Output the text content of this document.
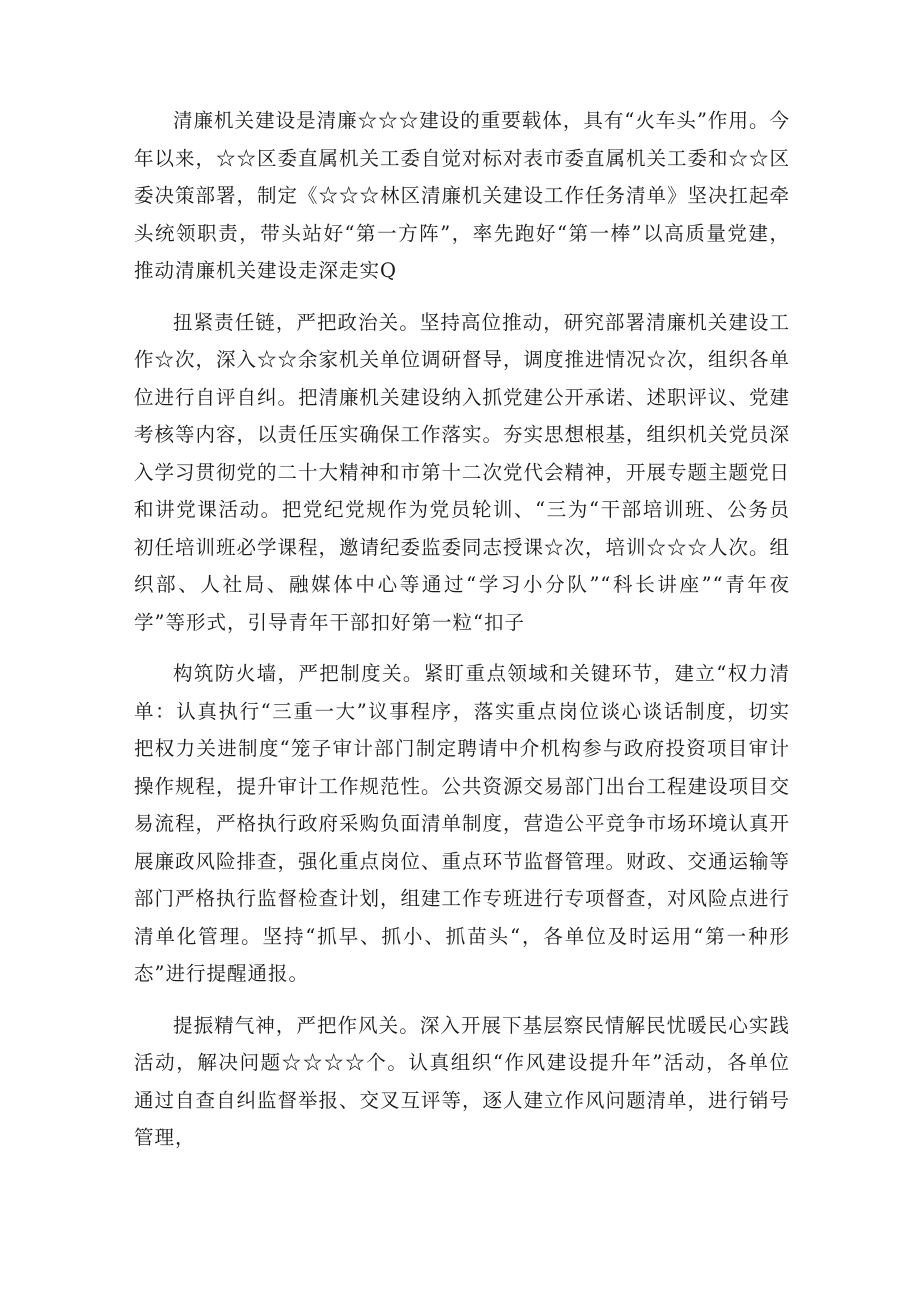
清廉机关建设是清廉☆☆☆建设的重要载体，具有“火车头”作用。今年以来，☆☆区委直属机关工委自觉对标对表市委直属机关工委和☆☆区委决策部署，制定《☆☆☆林区清廉机关建设工作任务清单》坚决扛起牵头统领职责，带头站好“第一方阵”，率先跑好“第一棒”以高质量党建，推动清廉机关建设走深走实Q

扭紧责任链，严把政治关。坚持高位推动，研究部署清廉机关建设工作☆次，深入☆☆余家机关单位调研督导，调度推进情况☆次，组织各单位进行自评自纠。把清廉机关建设纳入抓党建公开承诺、述职评议、党建考核等内容，以责任压实确保工作落实。夯实思想根基，组织机关党员深入学习贯彻党的二十大精神和市第十二次党代会精神，开展专题主题党日和讲党课活动。把党纪党规作为党员轮训、“三为“干部培训班、公务员初任培训班必学课程，邀请纪委监委同志授课☆次，培训☆☆☆人次。组织部、人社局、融媒体中心等通过“学习小分队”“科长讲座”“青年夜学”等形式，引导青年干部扣好第一粒“扣子

构筑防火墙，严把制度关。紧盯重点领域和关键环节，建立“权力清单：认真执行“三重一大”议事程序，落实重点岗位谈心谈话制度，切实把权力关进制度“笼子审计部门制定聘请中介机构参与政府投资项目审计操作规程，提升审计工作规范性。公共资源交易部门出台工程建设项目交易流程，严格执行政府采购负面清单制度，营造公平竞争市场环境认真开展廉政风险排查，强化重点岗位、重点环节监督管理。财政、交通运输等部门严格执行监督检查计划，组建工作专班进行专项督查，对风险点进行清单化管理。坚持“抓早、抓小、抓苗头“，各单位及时运用“第一种形态”进行提醒通报。

提振精气神，严把作风关。深入开展下基层察民情解民忧暖民心实践活动，解决问题☆☆☆☆个。认真组织“作风建设提升年”活动，各单位通过自查自纠监督举报、交叉互评等，逐人建立作风问题清单，进行销号管理，
